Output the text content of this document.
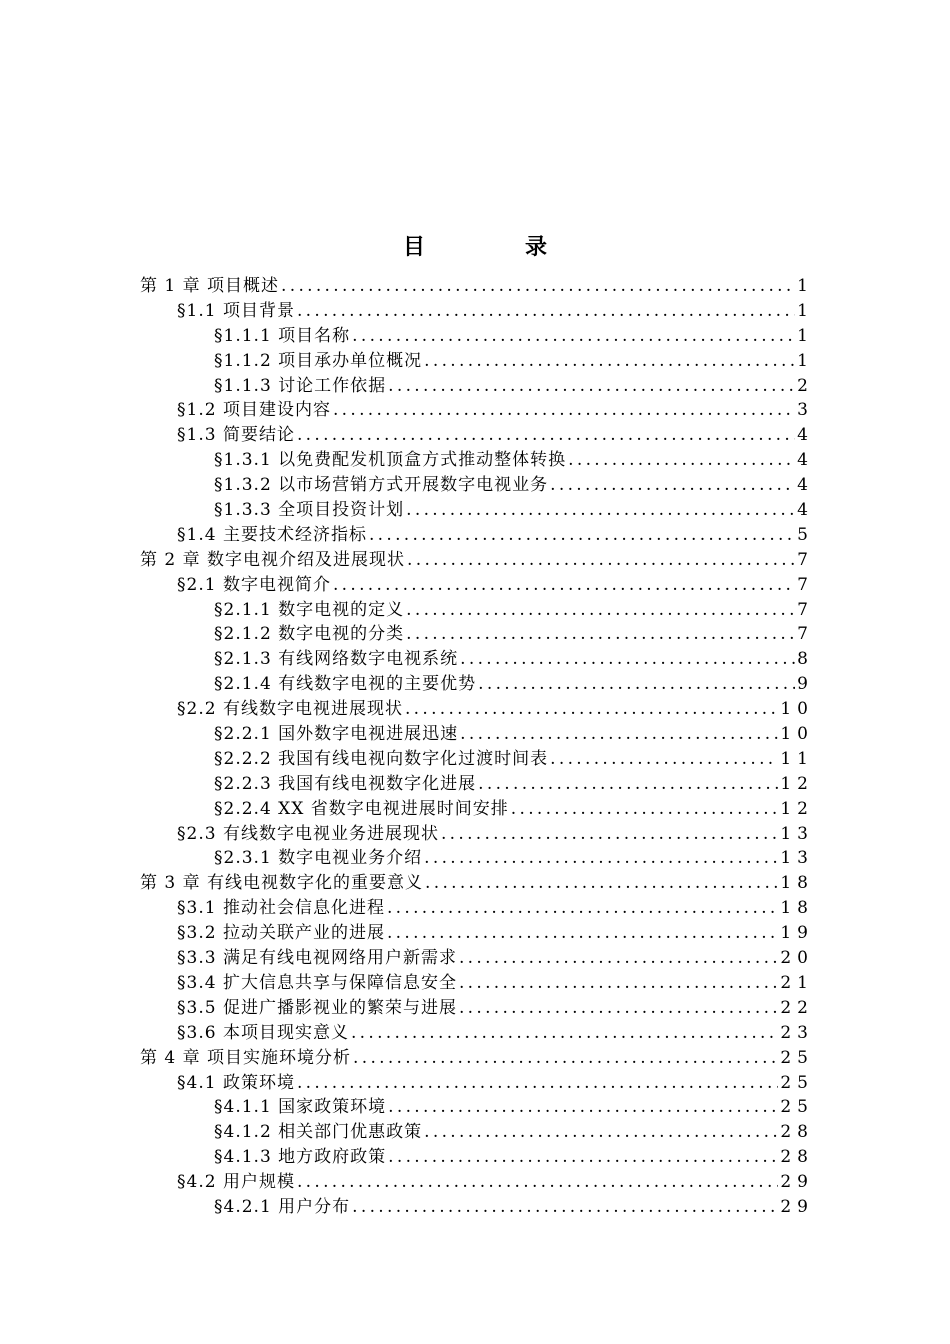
目	录
第 1 章 项目概述 .....	1
§1.1 项目背景 .....	1
§1.1.1 项目名称 .....	1
§1.1.2 项目承办单位概况 .....	1
§1.1.3 讨论工作依据 .....	2
§1.2 项目建设内容 .....	3
§1.3 简要结论 .....	4
§1.3.1 以免费配发机顶盒方式推动整体转换 .....	4
§1.3.2 以市场营销方式开展数字电视业务 .....	4
§1.3.3 全项目投资计划 .....	4
§1.4 主要技术经济指标 .....	5
第 2 章 数字电视介绍及进展现状 .....	7
§2.1 数字电视简介 .....	7
§2.1.1 数字电视的定义 .....	7
§2.1.2 数字电视的分类 .....	7
§2.1.3 有线网络数字电视系统 .....	8
§2.1.4 有线数字电视的主要优势 .....	9
§2.2 有线数字电视进展现状 .....	10
§2.2.1 国外数字电视进展迅速 .....	10
§2.2.2 我国有线电视向数字化过渡时间表 .....	11
§2.2.3 我国有线电视数字化进展 .....	12
§2.2.4 XX 省数字电视进展时间安排 .....	12
§2.3 有线数字电视业务进展现状 .....	13
§2.3.1 数字电视业务介绍 .....	13
第 3 章 有线电视数字化的重要意义 .....	18
§3.1 推动社会信息化进程 .....	18
§3.2 拉动关联产业的进展 .....	19
§3.3 满足有线电视网络用户新需求 .....	20
§3.4 扩大信息共享与保障信息安全 .....	21
§3.5 促进广播影视业的繁荣与进展 .....	22
§3.6 本项目现实意义 .....	23
第 4 章 项目实施环境分析 .....	25
§4.1 政策环境 .....	25
§4.1.1 国家政策环境 .....	25
§4.1.2 相关部门优惠政策 .....	28
§4.1.3 地方政府政策 .....	28
§4.2 用户规模 .....	29
§4.2.1 用户分布 .....	29
